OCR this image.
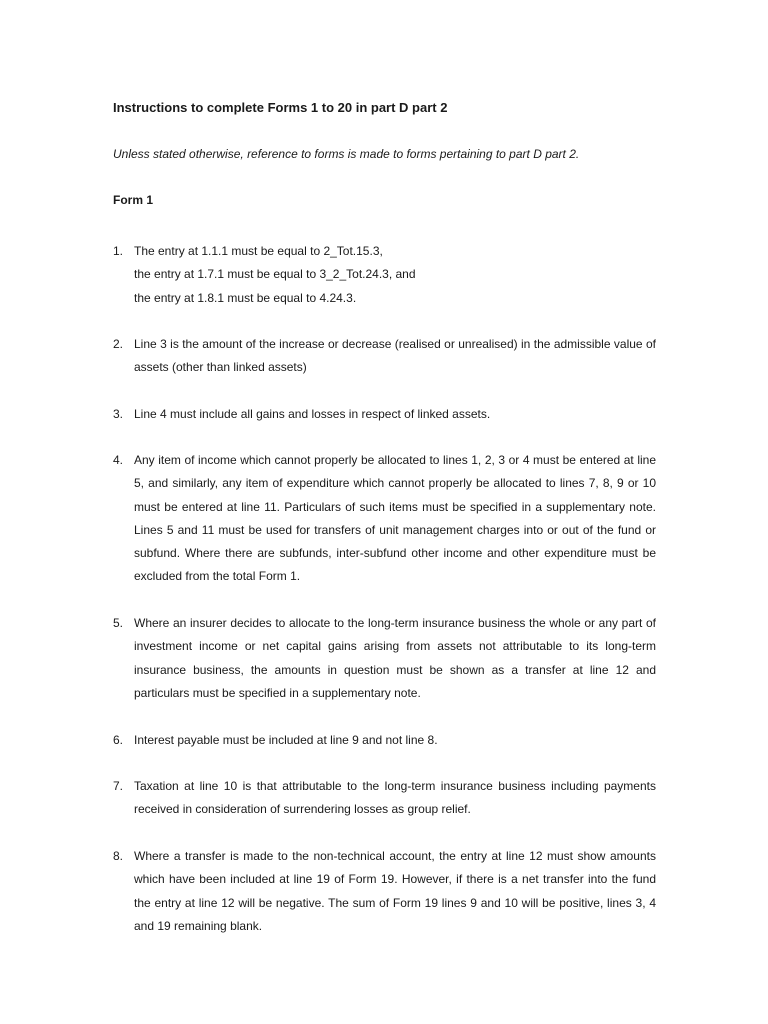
Instructions to complete Forms 1 to 20 in part D part 2

Unless stated otherwise, reference to forms is made to forms pertaining to part D part 2.

Form 1
1. The entry at 1.1.1 must be equal to 2_Tot.15.3,
the entry at 1.7.1 must be equal to 3_2_Tot.24.3, and
the entry at 1.8.1 must be equal to 4.24.3.

2. Line 3 is the amount of the increase or decrease (realised or unrealised) in the admissible value of assets (other than linked assets)

3. Line 4 must include all gains and losses in respect of linked assets.

4. Any item of income which cannot properly be allocated to lines 1, 2, 3 or 4 must be entered at line 5, and similarly, any item of expenditure which cannot properly be allocated to lines 7, 8, 9 or 10 must be entered at line 11. Particulars of such items must be specified in a supplementary note. Lines 5 and 11 must be used for transfers of unit management charges into or out of the fund or subfund. Where there are subfunds, inter-subfund other income and other expenditure must be excluded from the total Form 1.

5. Where an insurer decides to allocate to the long-term insurance business the whole or any part of investment income or net capital gains arising from assets not attributable to its long-term insurance business, the amounts in question must be shown as a transfer at line 12 and particulars must be specified in a supplementary note.

6. Interest payable must be included at line 9 and not line 8.

7. Taxation at line 10 is that attributable to the long-term insurance business including payments received in consideration of surrendering losses as group relief.

8. Where a transfer is made to the non-technical account, the entry at line 12 must show amounts which have been included at line 19 of Form 19. However, if there is a net transfer into the fund the entry at line 12 will be negative. The sum of Form 19 lines 9 and 10 will be positive, lines 3, 4 and 19 remaining blank.
